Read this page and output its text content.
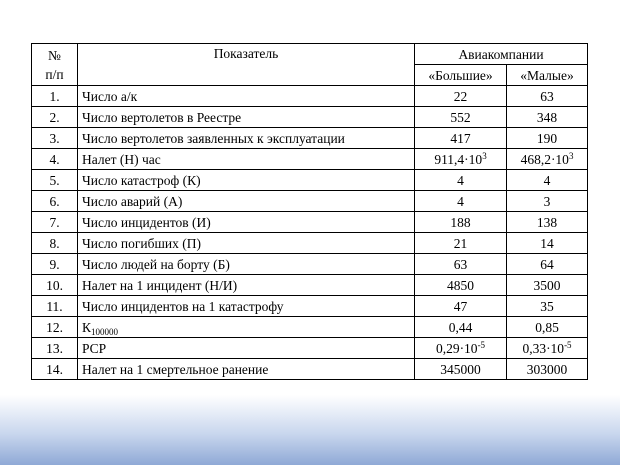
№
п/п	Показатель	Авиакомпании	
		«Большие»	«Малые»
1.	Число а/к	22	63
2.	Число вертолетов в Реестре	552	348
3.	Число вертолетов заявленных к эксплуатации	417	190
4.	Налет (Н) час	$911,4\cdot 10^3$	$468,2\cdot 10^3$
5.	Число катастроф (К)	4	4
6.	Число аварий (А)	4	3
7.	Число инцидентов (И)	188	138
8.	Число погибших (П)	21	14
9.	Число людей на борту (Б)	63	64
10.	Налет на 1 инцидент (Н/И)	4850	3500
11.	Число инцидентов на 1 катастрофу	47	35
12.	$К_{100000}$	0,44	0,85
13.	РСР	$0,29\cdot 10^{-5}$	$0,33\cdot 10^{-5}$
14.	Налет на 1 смертельное ранение	345000	303000
